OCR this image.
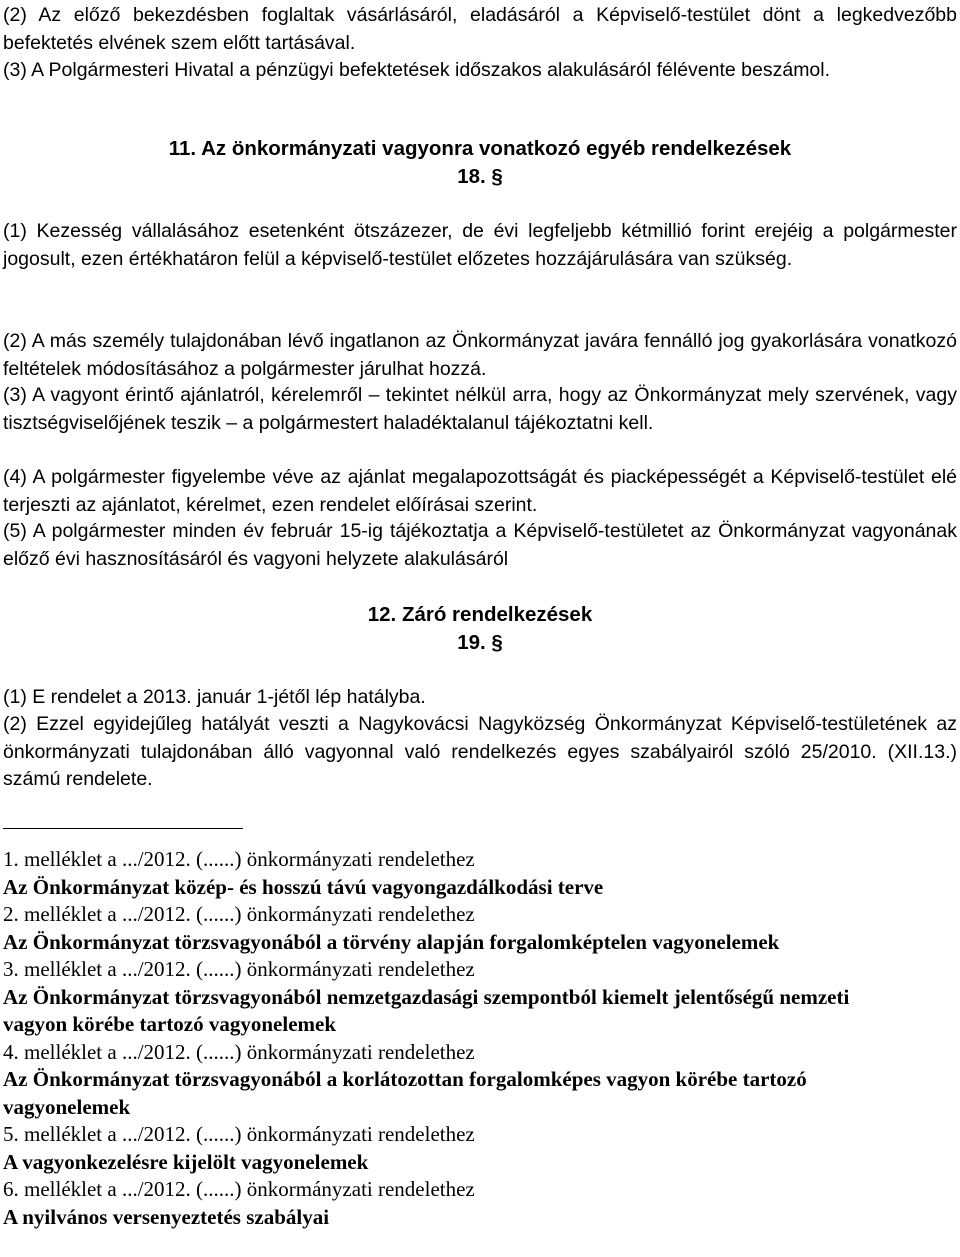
(2) Az előző bekezdésben foglaltak vásárlásáról, eladásáról a Képviselő-testület dönt a legkedvezőbb befektetés elvének szem előtt tartásával.

(3) A Polgármesteri Hivatal a pénzügyi befektetések időszakos alakulásáról félévente beszámol.

11. Az önkormányzati vagyonra vonatkozó egyéb rendelkezések

18. §

(1) Kezesség vállalásához esetenként ötszázezer, de évi legfeljebb kétmillió forint erejéig a polgármester jogosult, ezen értékhatáron felül a képviselő-testület előzetes hozzájárulására van szükség.

(2) A más személy tulajdonában lévő ingatlanon az Önkormányzat javára fennálló jog gyakorlására vonatkozó feltételek módosításához a polgármester járulhat hozzá.

(3) A vagyont érintő ajánlatról, kérelemről – tekintet nélkül arra, hogy az Önkormányzat mely szervének, vagy tisztségviselőjének teszik – a polgármestert haladéktalanul tájékoztatni kell.

(4) A polgármester figyelembe véve az ajánlat megalapozottságát és piacképességét a Képviselő-testület elé terjeszti az ajánlatot, kérelmet, ezen rendelet előírásai szerint.

(5) A polgármester minden év február 15-ig tájékoztatja a Képviselő-testületet az Önkormányzat vagyonának előző évi hasznosításáról és vagyoni helyzete alakulásáról

12. Záró rendelkezések

19. §

(1) E rendelet a 2013. január 1-jétől lép hatályba.

(2) Ezzel egyidejűleg hatályát veszti a Nagykovácsi Nagyközség Önkormányzat Képviselő-testületének az önkormányzati tulajdonában álló vagyonnal való rendelkezés egyes szabályairól szóló 25/2010. (XII.13.) számú rendelete.

1. melléklet a .../2012. (......) önkormányzati rendelethez

Az Önkormányzat közép- és hosszú távú vagyongazdálkodási terve

2. melléklet a .../2012. (......) önkormányzati rendelethez

Az Önkormányzat törzsvagyonából a törvény alapján forgalomképtelen vagyonelemek

3. melléklet a .../2012. (......) önkormányzati rendelethez

Az Önkormányzat törzsvagyonából nemzetgazdasági szempontból kiemelt jelentőségű nemzeti vagyon körébe tartozó vagyonelemek

4. melléklet a .../2012. (......) önkormányzati rendelethez

Az Önkormányzat törzsvagyonából a korlátozottan forgalomképes vagyon körébe tartozó vagyonelemek

5. melléklet a .../2012. (......) önkormányzati rendelethez

A vagyonkezelésre kijelölt vagyonelemek

6. melléklet a .../2012. (......) önkormányzati rendelethez

A nyilvános versenyeztetés szabályai
